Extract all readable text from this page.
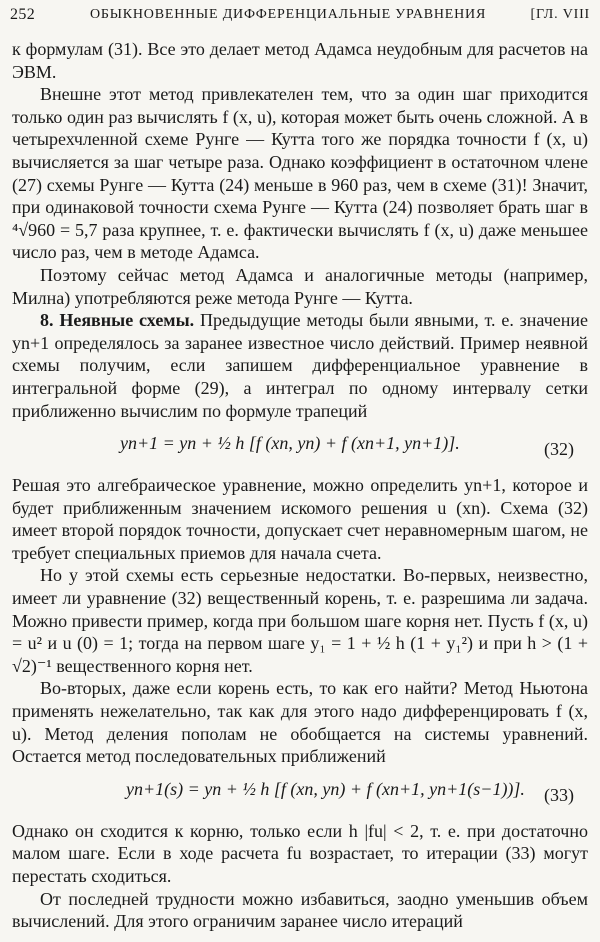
252	ОБЫКНОВЕННЫЕ ДИФФЕРЕНЦИАЛЬНЫЕ УРАВНЕНИЯ	[ГЛ. VIII

к формулам (31). Все это делает метод Адамса неудобным для расчетов на ЭВМ.

Внешне этот метод привлекателен тем, что за один шаг приходится только один раз вычислять f (x, u), которая может быть очень сложной. А в четырехчленной схеме Рунге — Кутта того же порядка точности f (x, u) вычисляется за шаг четыре раза. Однако коэффициент в остаточном члене (27) схемы Рунге — Кутта (24) меньше в 960 раз, чем в схеме (31)! Значит, при одинаковой точности схема Рунге — Кутта (24) позволяет брать шаг в ⁴√960 = 5,7 раза крупнее, т. е. фактически вычислять f (x, u) даже меньшее число раз, чем в методе Адамса.

Поэтому сейчас метод Адамса и аналогичные методы (например, Милна) употребляются реже метода Рунге — Кутта.

8. Неявные схемы. Предыдущие методы были явными, т. е. значение yn+1 определялось за заранее известное число действий. Пример неявной схемы получим, если запишем дифференциальное уравнение в интегральной форме (29), а интеграл по одному интервалу сетки приближенно вычислим по формуле трапеций

yn+1 = yn + ½ h [f (xn, yn) + f (xn+1, yn+1)].	(32)

Решая это алгебраическое уравнение, можно определить yn+1, которое и будет приближенным значением искомого решения u (xn). Схема (32) имеет второй порядок точности, допускает счет неравномерным шагом, не требует специальных приемов для начала счета.

Но у этой схемы есть серьезные недостатки. Во-первых, неизвестно, имеет ли уравнение (32) вещественный корень, т. е. разрешима ли задача. Можно привести пример, когда при большом шаге корня нет. Пусть f (x, u) = u² и u (0) = 1; тогда на первом шаге y₁ = 1 + ½ h (1 + y₁²) и при h > (1 + √2)⁻¹ вещественного корня нет.

Во-вторых, даже если корень есть, то как его найти? Метод Ньютона применять нежелательно, так как для этого надо дифференцировать f (x, u). Метод деления пополам не обобщается на системы уравнений. Остается метод последовательных приближений

yn+1(s) = yn + ½ h [f (xn, yn) + f (xn+1, yn+1(s−1))]. (33)

Однако он сходится к корню, только если h |fu| < 2, т. е. при достаточно малом шаге. Если в ходе расчета fu возрастает, то итерации (33) могут перестать сходиться.

От последней трудности можно избавиться, заодно уменьшив объем вычислений. Для этого ограничим заранее число итераций
